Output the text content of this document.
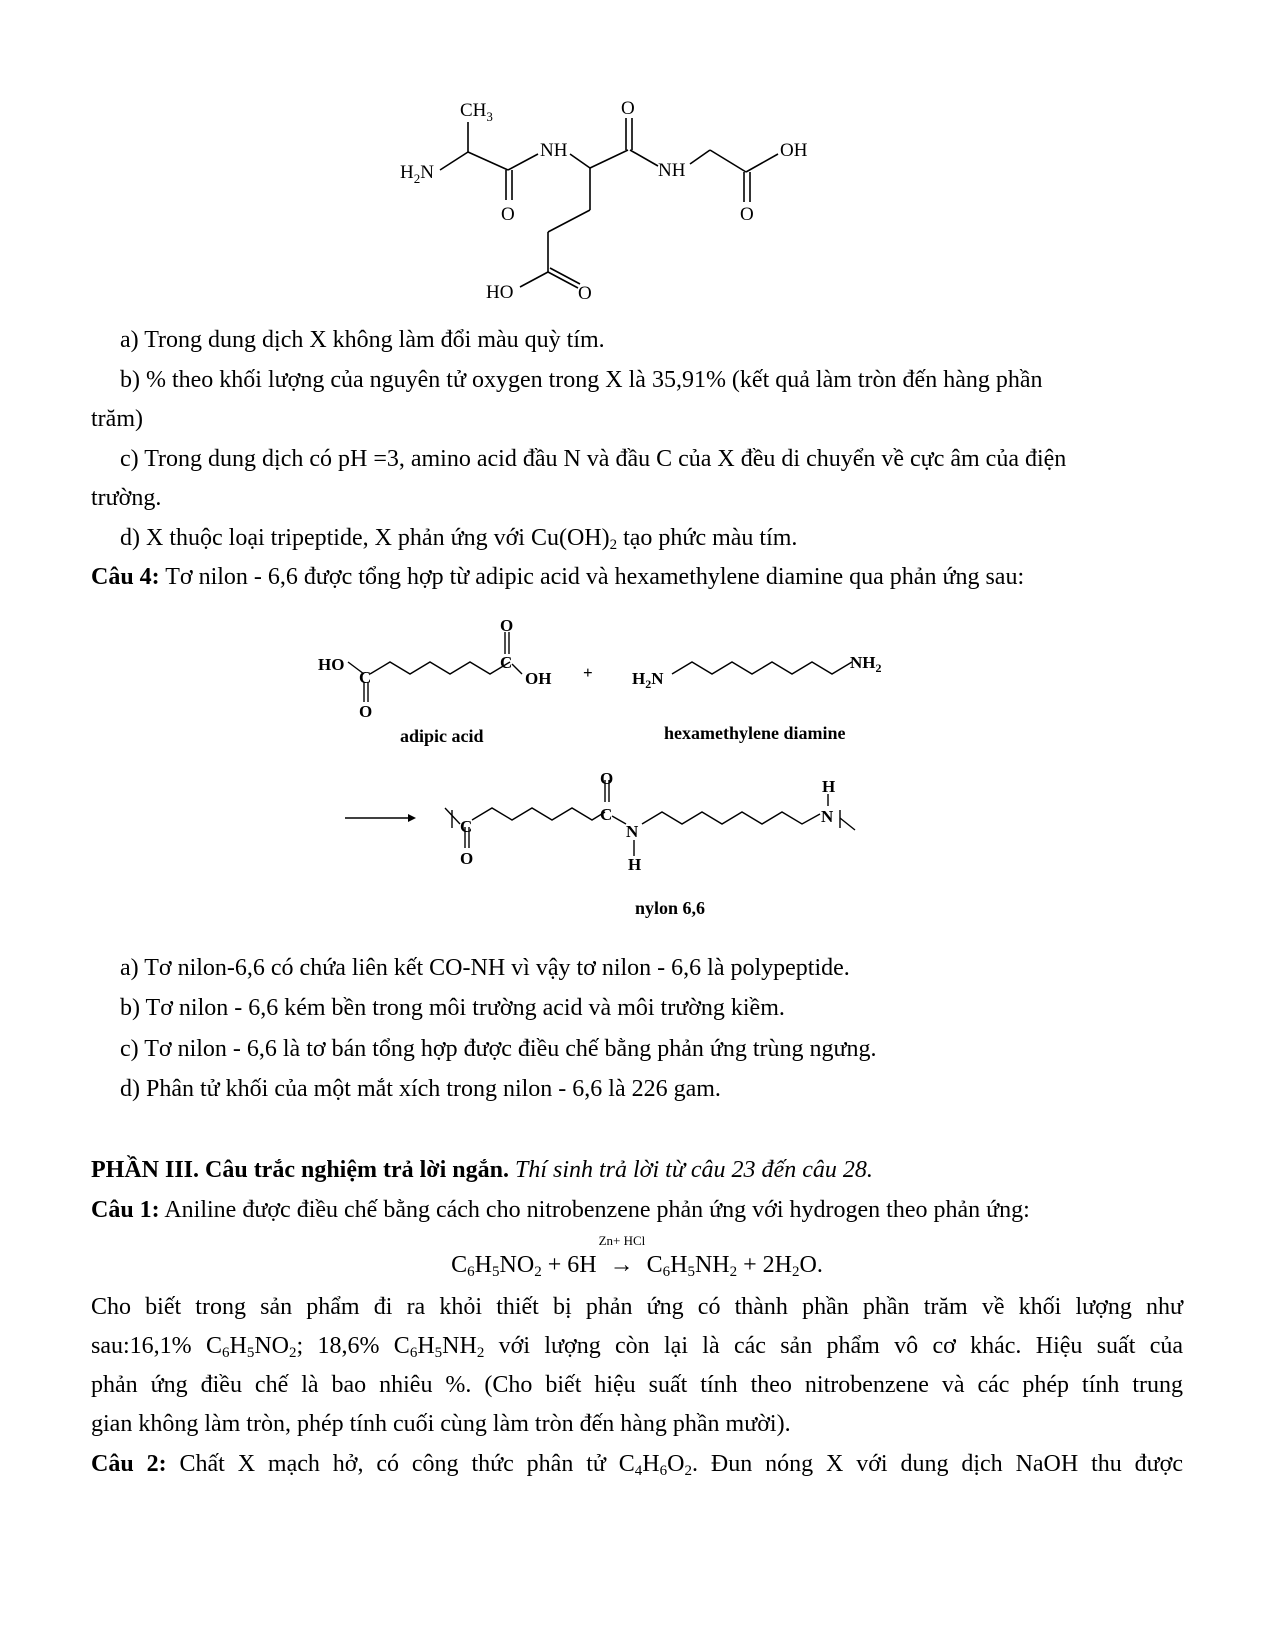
$CH_3$
$H_2N$
O
NH
NH
OH
O	O
HO	O
a) Trong dung dịch X không làm đổi màu quỳ tím.
b) % theo khối lượng của nguyên tử oxygen trong X là 35,91% (kết quả làm tròn đến hàng phần
trăm)
c) Trong dung dịch có pH =3, amino acid đầu N và đầu C của X đều di chuyển về cực âm của điện
trường.
d) X thuộc loại tripeptide, X phản ứng với $Cu(OH)_2$ tạo phức màu tím.
Câu 4: Tơ nilon - 6,6 được tổng hợp từ adipic acid và hexamethylene diamine qua phản ứng sau:
HO
C
O
O
C
OH + $H_2N$
$NH_2$
adipic acid	hexamethylene diamine
C
O
O
C
N
H
H
N
nylon 6,6
a) Tơ nilon-6,6 có chứa liên kết CO-NH vì vậy tơ nilon - 6,6 là polypeptide.
b) Tơ nilon - 6,6 kém bền trong môi trường acid và môi trường kiềm.
c) Tơ nilon - 6,6 là tơ bán tổng hợp được điều chế bằng phản ứng trùng ngưng.
d) Phân tử khối của một mắt xích trong nilon - 6,6 là 226 gam.
PHẦN III. Câu trắc nghiệm trả lời ngắn. Thí sinh trả lời từ câu 23 đến câu 28.
Câu 1: Aniline được điều chế bằng cách cho nitrobenzene phản ứng với hydrogen theo phản ứng:
$C_6H_5NO_2 + 6H$
Zn+ HCl
→ $C_6H_5NH_2 + 2H_2O$.
Cho biết trong sản phẩm đi ra khỏi thiết bị phản ứng có thành phần phần trăm về khối lượng như
sau:16,1% $C_6H_5NO_2$; 18,6% $C_6H_5NH_2$ với lượng còn lại là các sản phẩm vô cơ khác. Hiệu suất của
phản ứng điều chế là bao nhiêu %. (Cho biết hiệu suất tính theo nitrobenzene và các phép tính trung
gian không làm tròn, phép tính cuối cùng làm tròn đến hàng phần mười).
Câu 2: Chất X mạch hở, có công thức phân tử $C_4H_6O_2$. Đun nóng X với dung dịch NaOH thu được
